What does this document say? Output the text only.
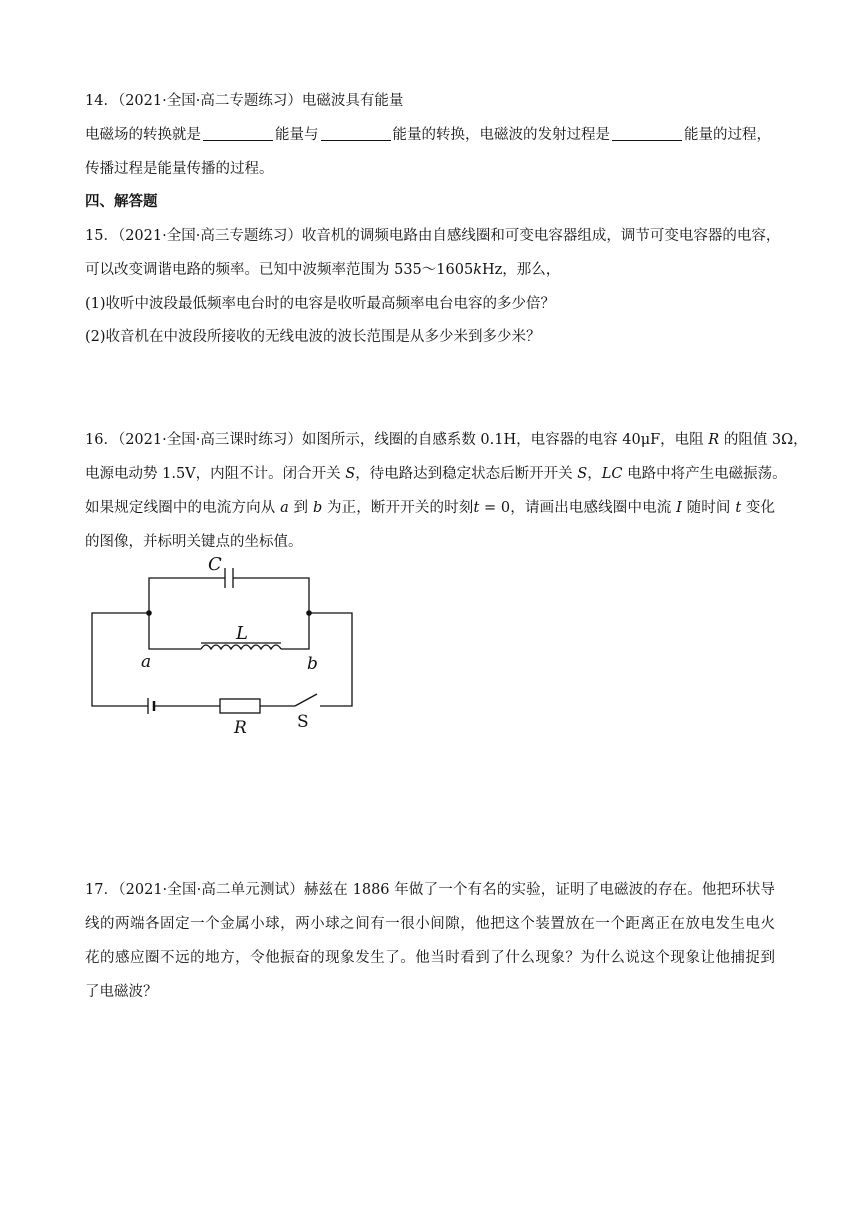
14．（2021·全国·高二专题练习）电磁波具有能量
电磁场的转换就是	能量与	能量的转换，电磁波的发射过程是	能量的过程，
传播过程是能量传播的过程。
四、解答题
15．（2021·全国·高三专题练习）收音机的调频电路由自感线圈和可变电容器组成，调节可变电容器的电容，
可以改变调谐电路的频率。已知中波频率范围为 535～1605kHz，那么，
(1)收听中波段最低频率电台时的电容是收听最高频率电台电容的多少倍？
(2)收音机在中波段所接收的无线电波的波长范围是从多少米到多少米？
16．（2021·全国·高三课时练习）如图所示，线圈的自感系数 0.1H，电容器的电容 40μF，电阻 R 的阻值 3Ω，
电源电动势 1.5V，内阻不计。闭合开关 S，待电路达到稳定状态后断开开关 S，LC 电路中将产生电磁振荡。
如果规定线圈中的电流方向从 a 到 b 为正，断开开关的时刻t = 0，请画出电感线圈中电流 I 随时间 t 变化
的图像，并标明关键点的坐标值。
C
L
a	b
R	S
17．（2021·全国·高二单元测试）赫兹在 1886 年做了一个有名的实验，证明了电磁波的存在。他把环状导
线的两端各固定一个金属小球，两小球之间有一很小间隙，他把这个装置放在一个距离正在放电发生电火
花的感应圈不远的地方，令他振奋的现象发生了。他当时看到了什么现象？为什么说这个现象让他捕捉到
了电磁波？
